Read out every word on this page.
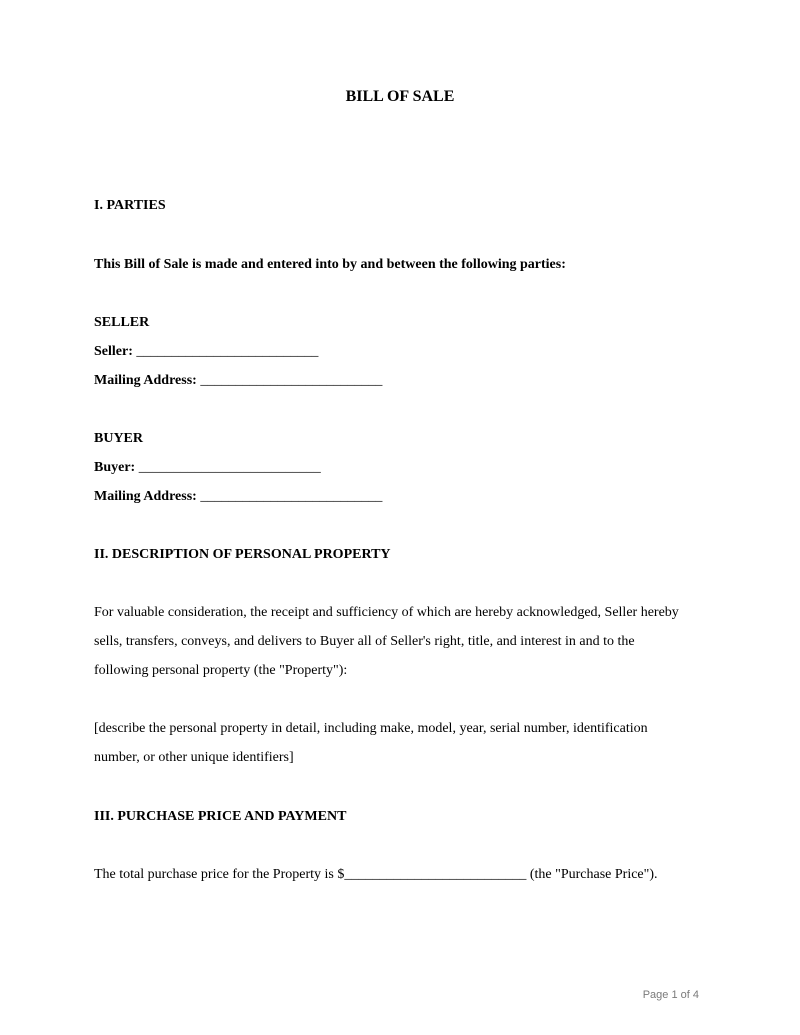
BILL OF SALE
I. PARTIES
This Bill of Sale is made and entered into by and between the following parties:
SELLER
Seller: __________________________
Mailing Address: __________________________
BUYER
Buyer: __________________________
Mailing Address: __________________________
II. DESCRIPTION OF PERSONAL PROPERTY
For valuable consideration, the receipt and sufficiency of which are hereby acknowledged, Seller hereby
sells, transfers, conveys, and delivers to Buyer all of Seller's right, title, and interest in and to the
following personal property (the "Property"):
[describe the personal property in detail, including make, model, year, serial number, identification
number, or other unique identifiers]
III. PURCHASE PRICE AND PAYMENT
The total purchase price for the Property is $__________________________ (the "Purchase Price").
Page 1 of 4
